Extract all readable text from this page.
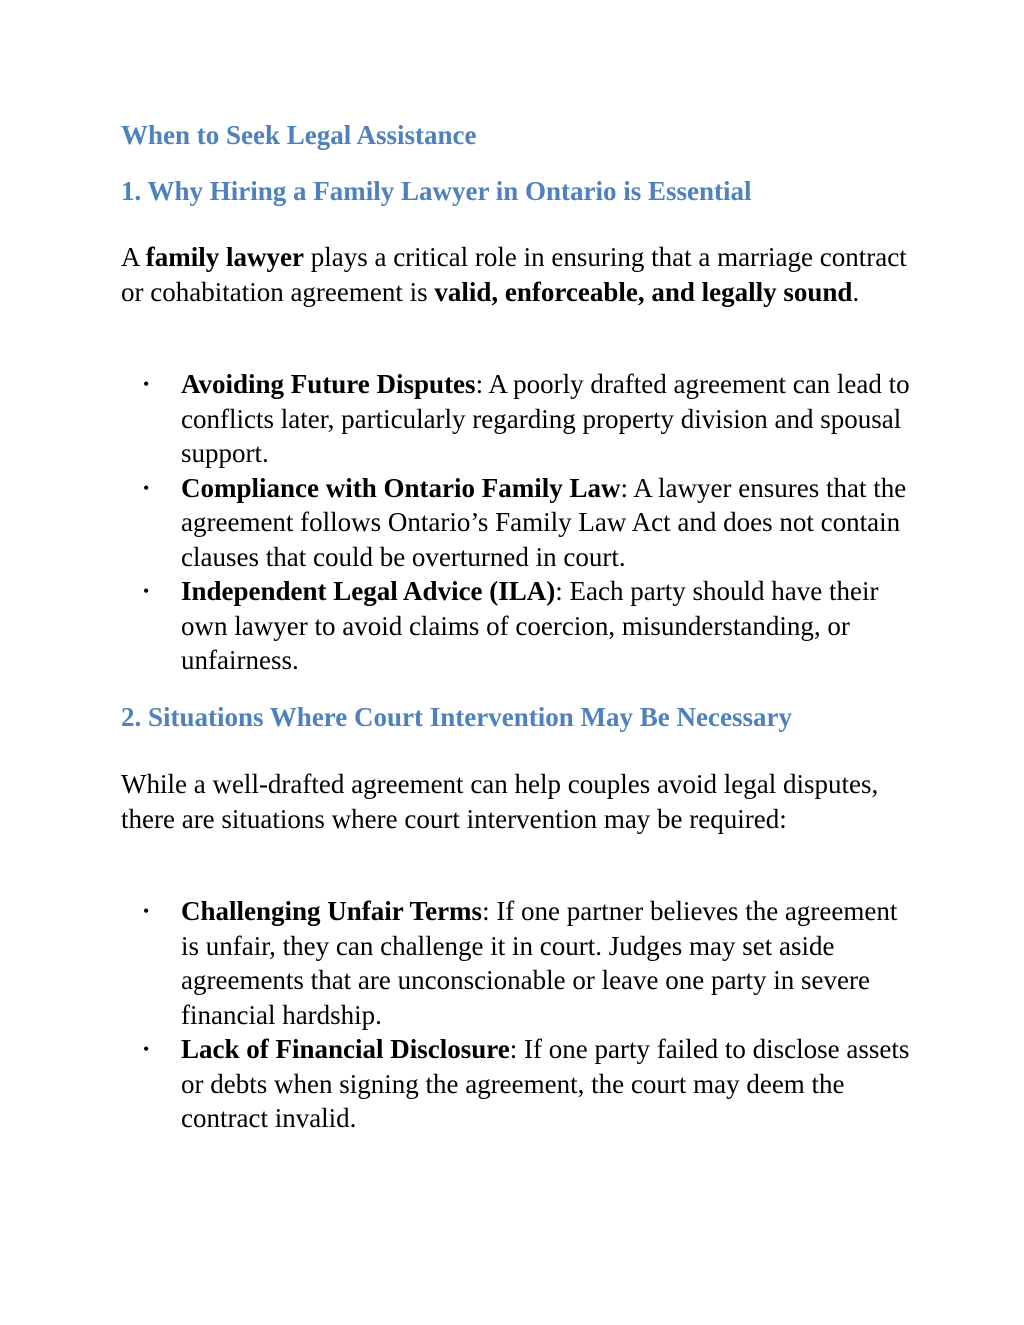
When to Seek Legal Assistance
1. Why Hiring a Family Lawyer in Ontario is Essential

A family lawyer plays a critical role in ensuring that a marriage contract or cohabitation agreement is valid, enforceable, and legally sound.

• Avoiding Future Disputes: A poorly drafted agreement can lead to conflicts later, particularly regarding property division and spousal support.
• Compliance with Ontario Family Law: A lawyer ensures that the agreement follows Ontario’s Family Law Act and does not contain clauses that could be overturned in court.
• Independent Legal Advice (ILA): Each party should have their own lawyer to avoid claims of coercion, misunderstanding, or unfairness.
2. Situations Where Court Intervention May Be Necessary

While a well-drafted agreement can help couples avoid legal disputes, there are situations where court intervention may be required:

• Challenging Unfair Terms: If one partner believes the agreement is unfair, they can challenge it in court. Judges may set aside agreements that are unconscionable or leave one party in severe financial hardship.
• Lack of Financial Disclosure: If one party failed to disclose assets or debts when signing the agreement, the court may deem the contract invalid.
